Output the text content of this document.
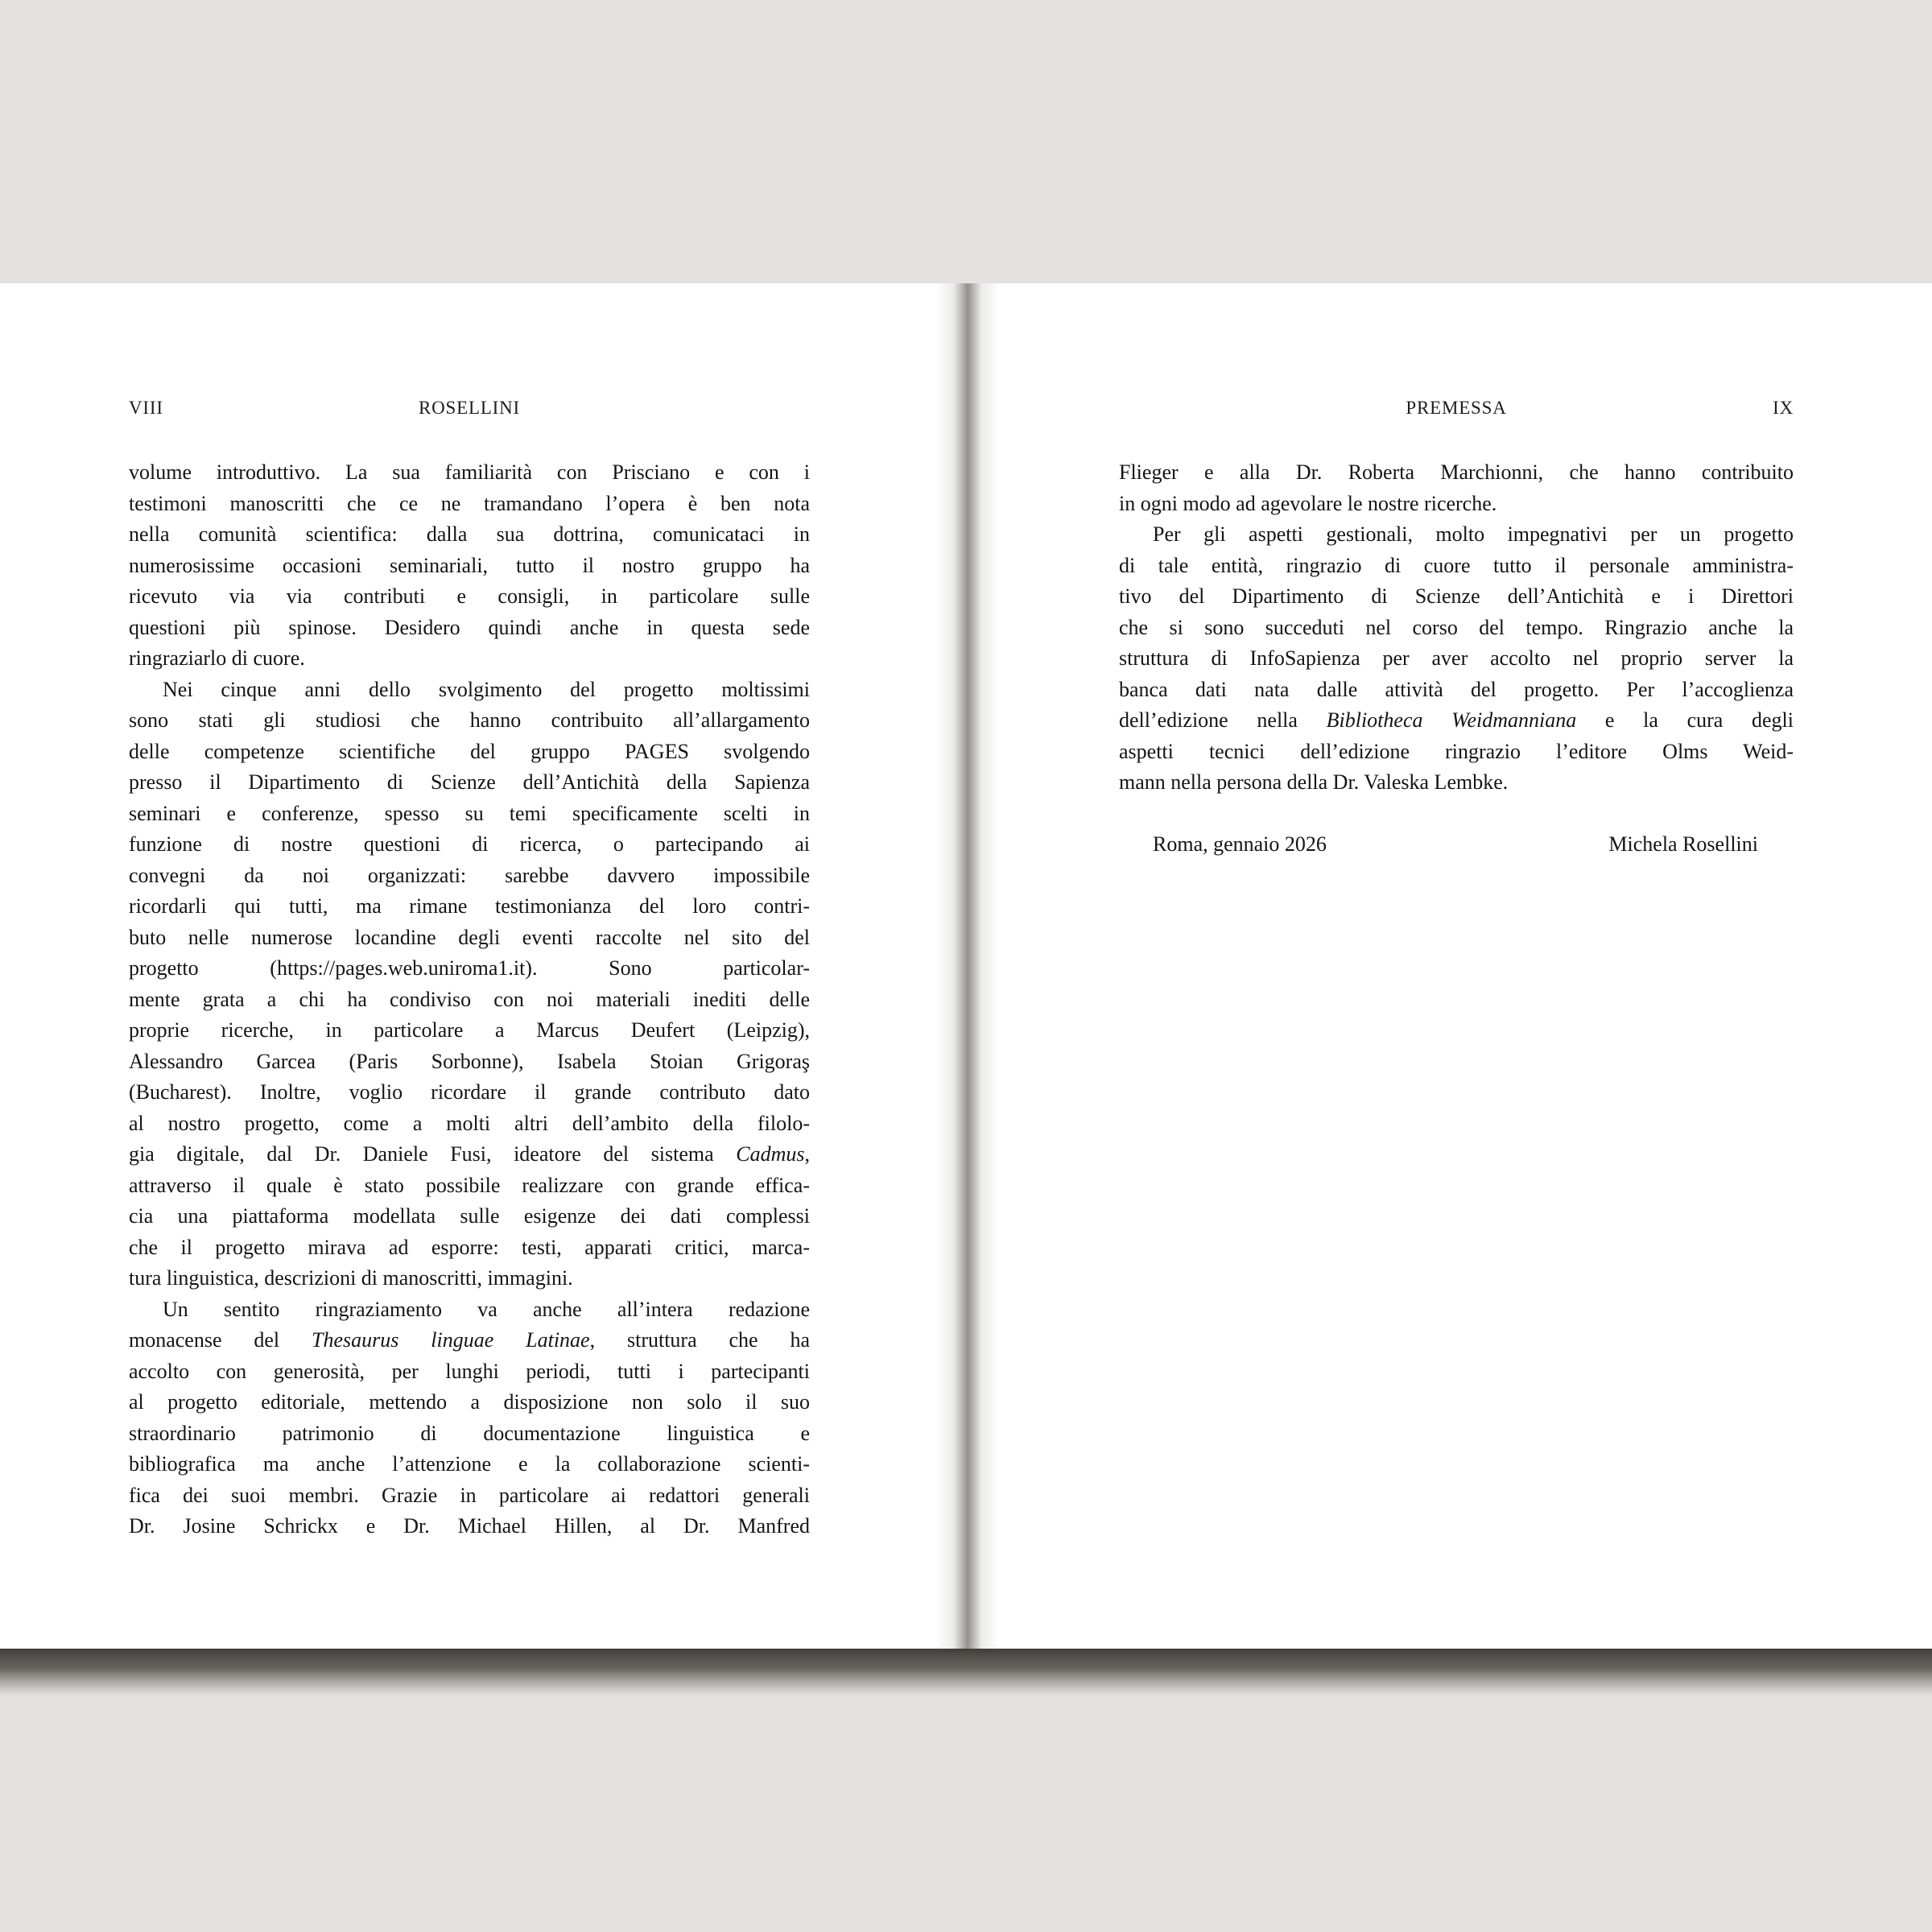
VIII	ROSELLINI	PREMESSA	IX
volume introduttivo. La sua familiarità con Prisciano e con i
testimoni manoscritti che ce ne tramandano l’opera è ben nota
nella comunità scientifica: dalla sua dottrina, comunicataci in
numerosissime occasioni seminariali, tutto il nostro gruppo ha
ricevuto via via contributi e consigli, in particolare sulle
questioni più spinose. Desidero quindi anche in questa sede
ringraziarlo di cuore.
Nei cinque anni dello svolgimento del progetto moltissimi
sono stati gli studiosi che hanno contribuito all’allargamento
delle competenze scientifiche del gruppo PAGES svolgendo
presso il Dipartimento di Scienze dell’Antichità della Sapienza
seminari e conferenze, spesso su temi specificamente scelti in
funzione di nostre questioni di ricerca, o partecipando ai
convegni da noi organizzati: sarebbe davvero impossibile
ricordarli qui tutti, ma rimane testimonianza del loro contri-
buto nelle numerose locandine degli eventi raccolte nel sito del
progetto (https://pages.web.uniroma1.it). Sono particolar-
mente grata a chi ha condiviso con noi materiali inediti delle
proprie ricerche, in particolare a Marcus Deufert (Leipzig),
Alessandro Garcea (Paris Sorbonne), Isabela Stoian Grigoraş
(Bucharest). Inoltre, voglio ricordare il grande contributo dato
al nostro progetto, come a molti altri dell’ambito della filolo-
gia digitale, dal Dr. Daniele Fusi, ideatore del sistema Cadmus,
attraverso il quale è stato possibile realizzare con grande effica-
cia una piattaforma modellata sulle esigenze dei dati complessi
che il progetto mirava ad esporre: testi, apparati critici, marca-
tura linguistica, descrizioni di manoscritti, immagini.
Un sentito ringraziamento va anche all’intera redazione
monacense del Thesaurus linguae Latinae, struttura che ha
accolto con generosità, per lunghi periodi, tutti i partecipanti
al progetto editoriale, mettendo a disposizione non solo il suo
straordinario patrimonio di documentazione linguistica e
bibliografica ma anche l’attenzione e la collaborazione scienti-
fica dei suoi membri. Grazie in particolare ai redattori generali
Dr. Josine Schrickx e Dr. Michael Hillen, al Dr. Manfred
Flieger e alla Dr. Roberta Marchionni, che hanno contribuito
in ogni modo ad agevolare le nostre ricerche.
Per gli aspetti gestionali, molto impegnativi per un progetto
di tale entità, ringrazio di cuore tutto il personale amministra-
tivo del Dipartimento di Scienze dell’Antichità e i Direttori
che si sono succeduti nel corso del tempo. Ringrazio anche la
struttura di InfoSapienza per aver accolto nel proprio server la
banca dati nata dalle attività del progetto. Per l’accoglienza
dell’edizione nella Bibliotheca Weidmanniana e la cura degli
aspetti tecnici dell’edizione ringrazio l’editore Olms Weid-
mann nella persona della Dr. Valeska Lembke.
Roma, gennaio 2026	Michela Rosellini
